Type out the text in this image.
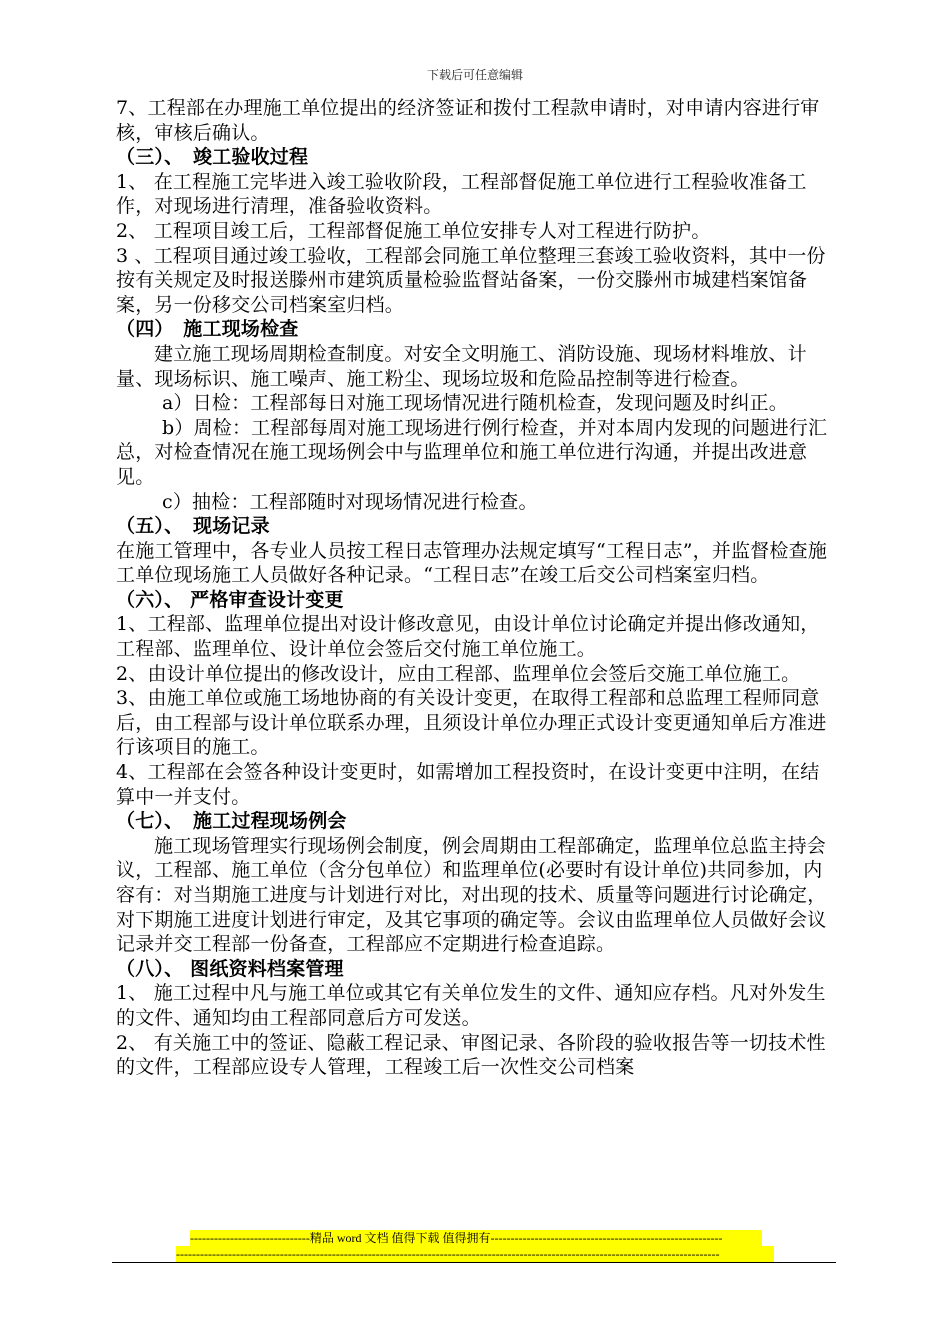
下载后可任意编辑

7、工程部在办理施工单位提出的经济签证和拨付工程款申请时，对申请内容进行审核，审核后确认。

（三）、　竣工验收过程

1、 在工程施工完毕进入竣工验收阶段，工程部督促施工单位进行工程验收准备工作，对现场进行清理，准备验收资料。

2、 工程项目竣工后，工程部督促施工单位安排专人对工程进行防护。

3 、工程项目通过竣工验收，工程部会同施工单位整理三套竣工验收资料，其中一份按有关规定及时报送滕州市建筑质量检验监督站备案，一份交滕州市城建档案馆备案，另一份移交公司档案室归档。

（四）　施工现场检查

建立施工现场周期检查制度。对安全文明施工、消防设施、现场材料堆放、计量、现场标识、施工噪声、施工粉尘、现场垃圾和危险品控制等进行检查。

a）日检：工程部每日对施工现场情况进行随机检查，发现问题及时纠正。

b）周检：工程部每周对施工现场进行例行检查，并对本周内发现的问题进行汇总，对检查情况在施工现场例会中与监理单位和施工单位进行沟通，并提出改进意见。

c）抽检：工程部随时对现场情况进行检查。

（五）、　现场记录

在施工管理中，各专业人员按工程日志管理办法规定填写“工程日志”，并监督检查施工单位现场施工人员做好各种记录。“工程日志”在竣工后交公司档案室归档。

（六）、 严格审查设计变更

1、工程部、监理单位提出对设计修改意见，由设计单位讨论确定并提出修改通知，工程部、监理单位、设计单位会签后交付施工单位施工。

2、由设计单位提出的修改设计，应由工程部、监理单位会签后交施工单位施工。

3、由施工单位或施工场地协商的有关设计变更，在取得工程部和总监理工程师同意后，由工程部与设计单位联系办理，且须设计单位办理正式设计变更通知单后方准进行该项目的施工。

4、工程部在会签各种设计变更时，如需增加工程投资时，在设计变更中注明，在结算中一并支付。

（七）、　施工过程现场例会

施工现场管理实行现场例会制度，例会周期由工程部确定，监理单位总监主持会议，工程部、施工单位（含分包单位）和监理单位(必要时有设计单位)共同参加，内容有：对当期施工进度与计划进行对比，对出现的技术、质量等问题进行讨论确定，对下期施工进度计划进行审定，及其它事项的确定等。会议由监理单位人员做好会议记录并交工程部一份备查，工程部应不定期进行检查追踪。

（八）、 图纸资料档案管理

1、 施工过程中凡与施工单位或其它有关单位发生的文件、通知应存档。凡对外发生的文件、通知均由工程部同意后方可发送。

2、 有关施工中的签证、隐蔽工程记录、审图记录、各阶段的验收报告等一切技术性的文件，工程部应设专人管理，工程竣工后一次性交公司档案

------------------------------精品 word 文档 值得下载 值得拥有----------------------------------------------------------
----------------------------------------------------------------------------------------------------------------------------------------
